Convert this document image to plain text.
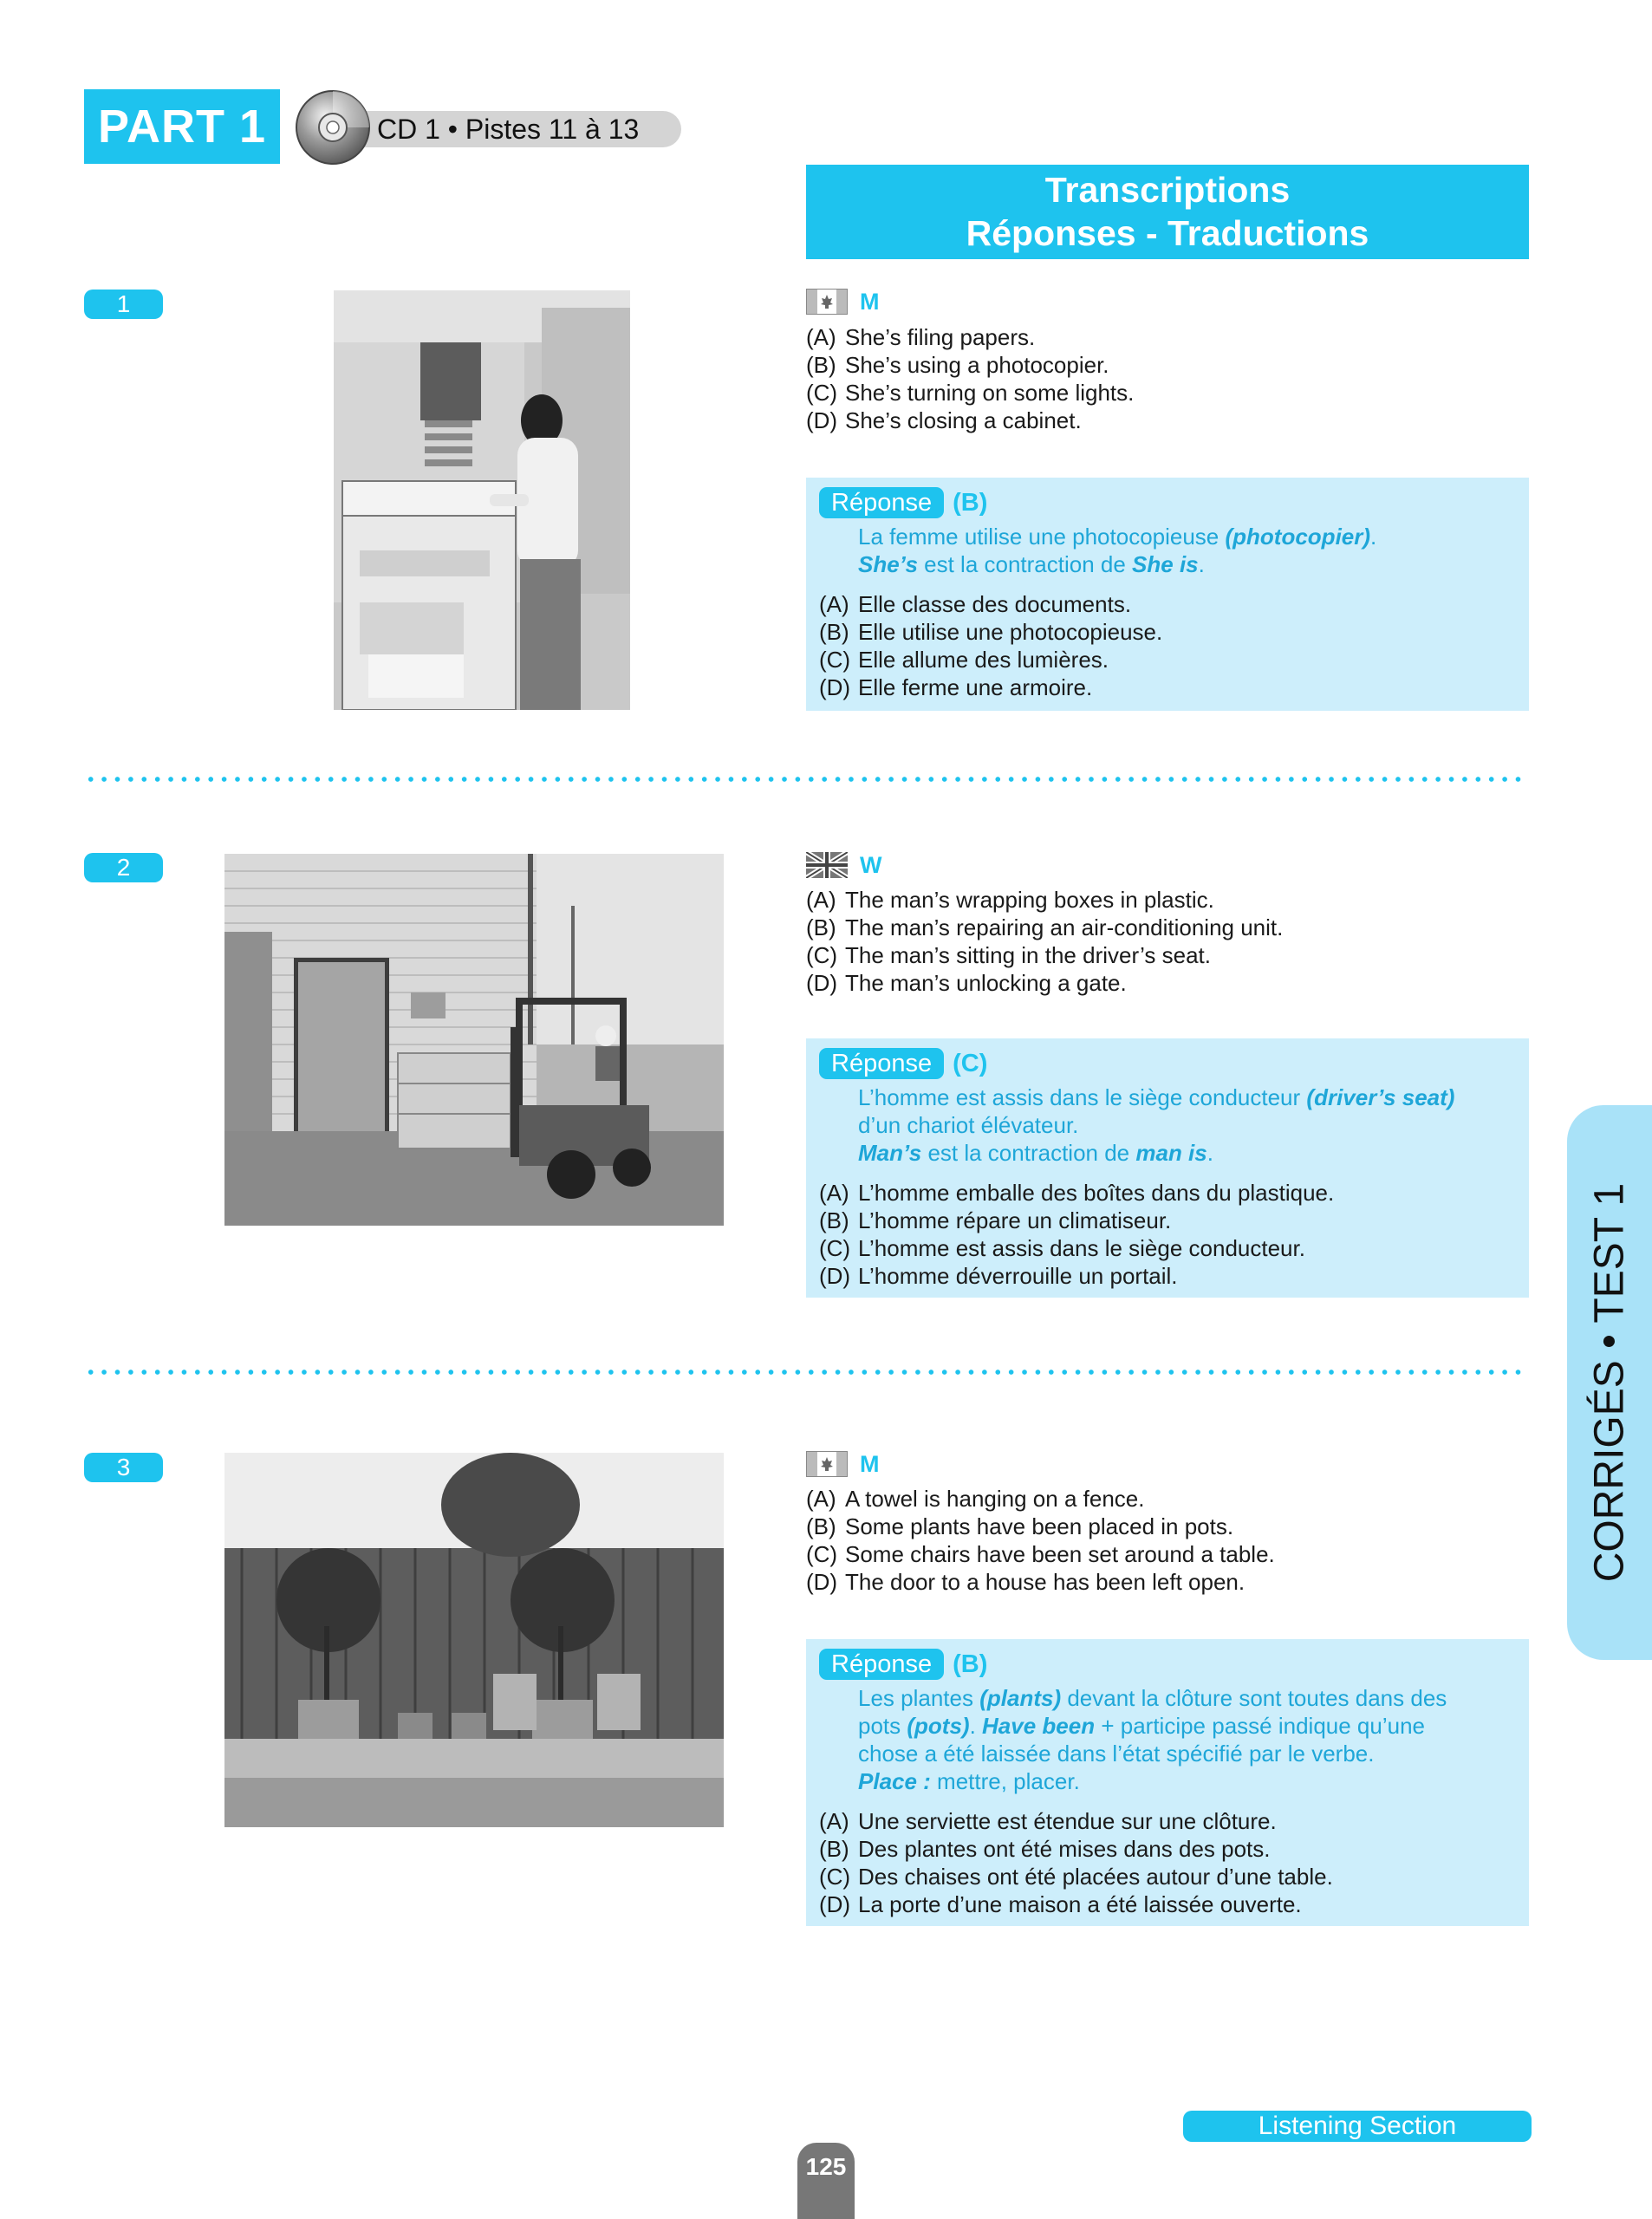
PART 1	CD 1 • Pistes 11 à 13
Transcriptions
Réponses - Traductions
1	M
(A) She’s filing papers.
(B) She’s using a photocopier.
(C) She’s turning on some lights.
(D) She’s closing a cabinet.
Réponse (B)
La femme utilise une photocopieuse (photocopier).
She’s est la contraction de She is.
(A) Elle classe des documents.
(B) Elle utilise une photocopieuse.
(C) Elle allume des lumières.
(D) Elle ferme une armoire.
2	W
(A) The man’s wrapping boxes in plastic.
(B) The man’s repairing an air-conditioning unit.
(C) The man’s sitting in the driver’s seat.
(D) The man’s unlocking a gate.
Réponse (C)
L’homme est assis dans le siège conducteur (driver’s seat)
d’un chariot élévateur.
Man’s est la contraction de man is.
(A) L’homme emballe des boîtes dans du plastique.
(B) L’homme répare un climatiseur.
(C) L’homme est assis dans le siège conducteur.
(D) L’homme déverrouille un portail.
3	M
(A) A towel is hanging on a fence.
(B) Some plants have been placed in pots.
(C) Some chairs have been set around a table.
(D) The door to a house has been left open.
Réponse (B)
Les plantes (plants) devant la clôture sont toutes dans des
pots (pots). Have been + participe passé indique qu’une
chose a été laissée dans l’état spécifié par le verbe.
Place : mettre, placer.
(A) Une serviette est étendue sur une clôture.
(B) Des plantes ont été mises dans des pots.
(C) Des chaises ont été placées autour d’une table.
(D) La porte d’une maison a été laissée ouverte.
CORRIGÉS • TEST 1
Listening Section
125
